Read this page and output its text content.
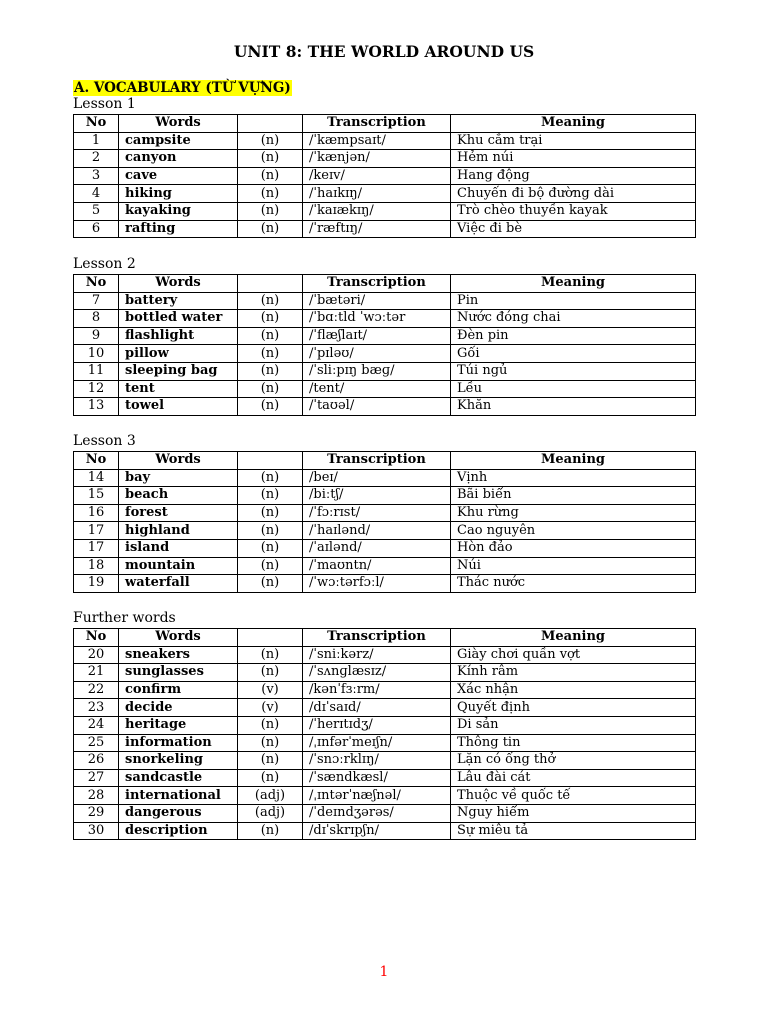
UNIT 8: THE WORLD AROUND US
A. VOCABULARY (TỪ VỰNG)
Lesson 1
No	Words		Transcription	Meaning
1	campsite	(n)	/ˈkæmpsaɪt/	Khu cắm trại
2	canyon	(n)	/ˈkænjən/	Hẻm núi
3	cave	(n)	/keɪv/	Hang động
4	hiking	(n)	/ˈhaɪkɪŋ/	Chuyến đi bộ đường dài
5	kayaking	(n)	/ˈkaɪækɪŋ/	Trò chèo thuyền kayak
6	rafting	(n)	/ˈræftɪŋ/	Việc đi bè
Lesson 2
No	Words		Transcription	Meaning
7	battery	(n)	/ˈbætəri/	Pin
8	bottled water	(n)	/ˈbɑːtld ˈwɔːtər	Nước đóng chai
9	flashlight	(n)	/ˈflæʃlaɪt/	Đèn pin
10	pillow	(n)	/ˈpɪləʊ/	Gối
11	sleeping bag	(n)	/ˈsliːpɪŋ bæɡ/	Túi ngủ
12	tent	(n)	/tent/	Lều
13	towel	(n)	/ˈtaʊəl/	Khăn
Lesson 3
No	Words		Transcription	Meaning
14	bay	(n)	/beɪ/	Vịnh
15	beach	(n)	/biːtʃ/	Bãi biển
16	forest	(n)	/ˈfɔːrɪst/	Khu rừng
17	highland	(n)	/ˈhaɪlənd/	Cao nguyên
17	island	(n)	/ˈaɪlənd/	Hòn đảo
18	mountain	(n)	/ˈmaʊntn/	Núi
19	waterfall	(n)	/ˈwɔːtərfɔːl/	Thác nước
Further words
No	Words		Transcription	Meaning
20	sneakers	(n)	/ˈsniːkərz/	Giày chơi quần vợt
21	sunglasses	(n)	/ˈsʌnɡlæsɪz/	Kính râm
22	confirm	(v)	/kənˈfɜːrm/	Xác nhận
23	decide	(v)	/dɪˈsaɪd/	Quyết định
24	heritage	(n)	/ˈherɪtɪdʒ/	Di sản
25	information	(n)	/ˌɪnfərˈmeɪʃn/	Thông tin
26	snorkeling	(n)	/ˈsnɔːrklɪŋ/	Lặn có ống thở
27	sandcastle	(n)	/ˈsændkæsl/	Lâu đài cát
28	international	(adj)	/ˌɪntərˈnæʃnəl/	Thuộc về quốc tế
29	dangerous	(adj)	/ˈdeɪndʒərəs/	Nguy hiểm
30	description	(n)	/dɪˈskrɪpʃn/	Sự miêu tả
1
